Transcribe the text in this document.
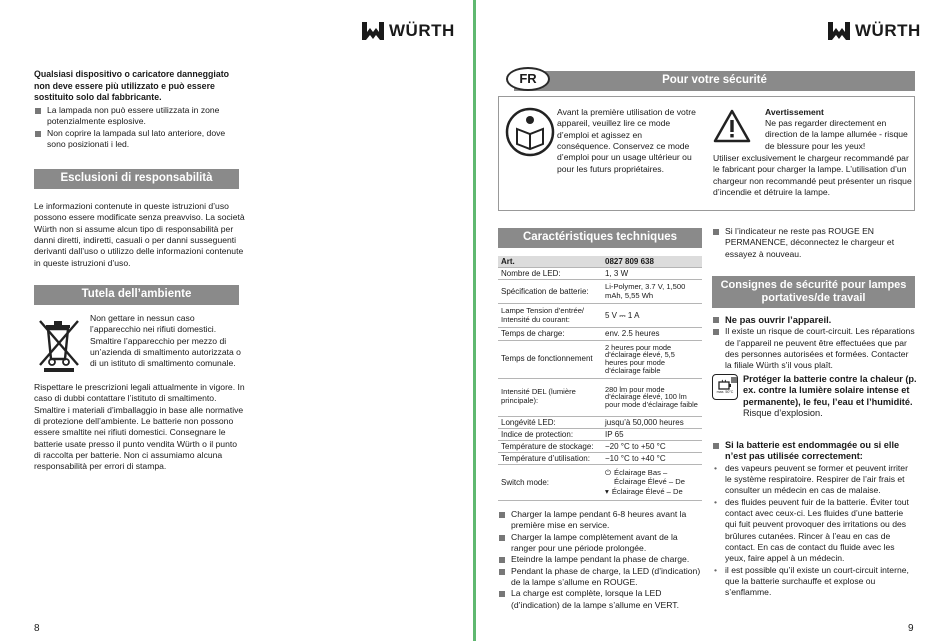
WÜRTH

Qualsiasi dispositivo o caricatore danneggiato non deve essere più utilizzato e può essere sostituito solo dal fabbricante.

La lampada non può essere utilizzata in zone potenzialmente esplosive.
Non coprire la lampada sul lato anteriore, dove sono posizionati i led.
Esclusioni di responsabilità

Le informazioni contenute in queste istruzioni d’uso possono essere modificate senza preavviso. La società Würth non si assume alcun tipo di responsabilità per danni diretti, indiretti, casuali o per danni susseguenti derivanti dall’uso o utilizzo delle informazioni contenute in queste istruzioni d’uso.

Tutela dell’ambiente

Non gettare in nessun caso l’apparecchio nei rifiuti domestici. Smaltire l’apparecchio per mezzo di un’azienda di smaltimento autorizzata o di un istituto di smaltimento comunale.

Rispettare le prescrizioni legali attualmente in vigore. In caso di dubbi contattare l’istituto di smaltimento. Smaltire i materiali d’imballaggio in base alle normative di protezione dell’ambiente. Le batterie non possono essere smaltite nei rifiuti domestici. Consegnare le batterie usate presso il punto vendita Würth o il punto di raccolta per batterie. Non ci assumiamo alcuna responsabilità per errori di stampa.

8
WÜRTH
Pour votre sécurité
FR

Avant la première utilisation de votre appareil, veuillez lire ce mode d’emploi et agissez en conséquence. Conservez ce mode d’emploi pour un usage ultérieur ou pour les futurs propriétaires.

Avertissement

Ne pas regarder directement en direction de la lampe allumée - risque de blessure pour les yeux!

Utiliser exclusivement le chargeur recommandé par le fabricant pour charger la lampe. L’utilisation d’un chargeur non recommandé peut présenter un risque d’incendie et détruire la lampe.

Caractéristiques techniques
Art.	0827 809 638
Nombre de LED:	1, 3 W
Spécification de batterie:	Li-Polymer, 3.7 V, 1,500 mAh, 5,55 Wh
Lampe Tension d’entrée/ Intensité du courant:	5 V ⎓ 1 A
Temps de charge:	env. 2.5 heures
Temps de fonctionnement	2 heures pour mode d’éclairage élevé, 5,5 heures pour mode d’éclairage faible
Intensité DEL (lumière principale):	280 lm pour mode d’éclairage élevé, 100 lm pour mode d’éclairage faible
Longévité LED:	jusqu’à 50,000 heures
Indice de protection:	IP 65
Température de stockage:	−20 °C to +50 °C
Température d’utilisation:	−10 °C to +40 °C
Switch mode:	⏻ Éclairage Bas – Éclairage Élevé – De
▾ Éclairage Élevé – De
Charger la lampe pendant 6-8 heures avant la première mise en service.
Charger la lampe complètement avant de la ranger pour une période prolongée.
Eteindre la lampe pendant la phase de charge.
Pendant la phase de charge, la LED (d’indication) de la lampe s’allume en ROUGE.
La charge est complète, lorsque la LED (d’indication) de la lampe s’allume en VERT.
Si l’indicateur ne reste pas ROUGE EN PERMANENCE, déconnectez le chargeur et essayez à nouveau.
Consignes de sécurité pour lampes portatives/de travail
Ne pas ouvrir l’appareil.
Il existe un risque de court-circuit. Les réparations de l’appareil ne peuvent être effectuées que par des personnes autorisées et formées. Contacter la filiale Würth s’il vous plaît.
max. 50°C
Protéger la batterie contre la chaleur (p. ex. contre la lumière solaire intense et permanente), le feu, l’eau et l’humidité. Risque d’explosion.
Si la batterie est endommagée ou si elle n’est pas utilisée correctement:
• des vapeurs peuvent se former et peuvent irriter le système respiratoire. Respirer de l’air frais et consulter un médecin en cas de malaise.
• des fluides peuvent fuir de la batterie. Éviter tout contact avec ceux-ci. Les fluides d’une batterie qui fuit peuvent provoquer des irritations ou des brûlures cutanées. Rincer à l’eau en cas de contact. En cas de contact du fluide avec les yeux, faire appel à un médecin.
• il est possible qu’il existe un court-circuit interne, que la batterie surchauffe et explose ou s’enflamme.
9
